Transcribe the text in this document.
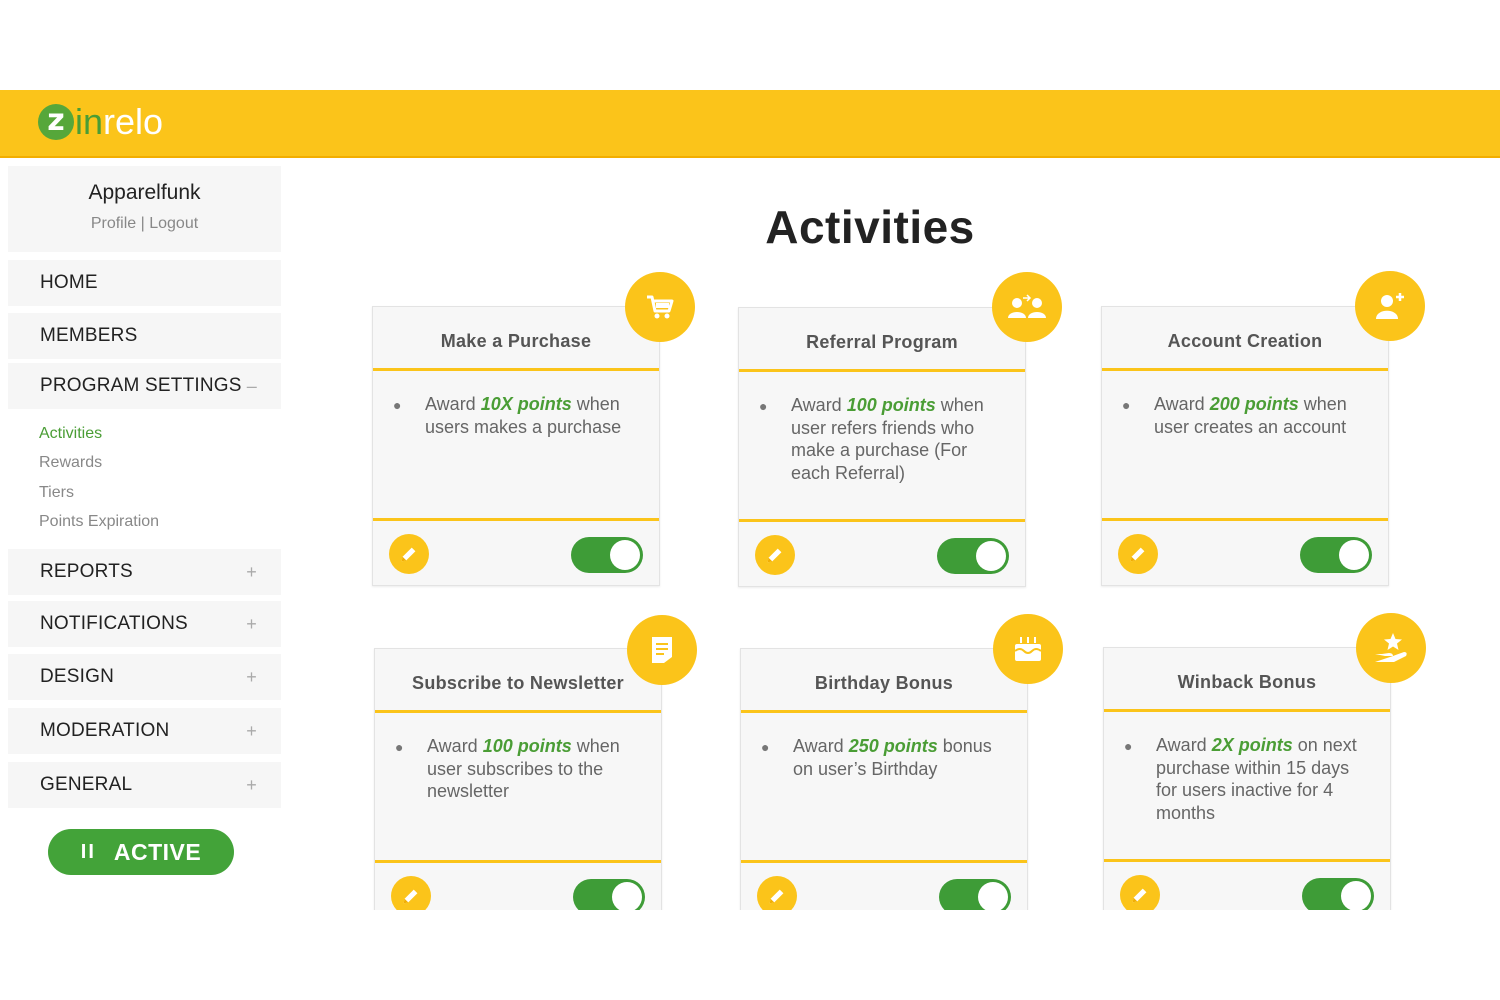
z in relo
Apparelfunk
Profile | Logout
HOME
MEMBERS
PROGRAM SETTINGS –
Activities
Rewards
Tiers
Points Expiration
REPORTS	+
NOTIFICATIONS	+
DESIGN	+
MODERATION	+
GENERAL	+
II ACTIVE
Activities
Make a Purchase
● Award 10X points when users makes a purchase
Referral Program
● Award 100 points when user refers friends who make a purchase (For each Referral)
Account Creation
● Award 200 points when user creates an account
Subscribe to Newsletter
● Award 100 points when user subscribes to the newsletter
Birthday Bonus
● Award 250 points bonus on user’s Birthday
Winback Bonus
● Award 2X points on next purchase within 15 days for users inactive for 4 months
